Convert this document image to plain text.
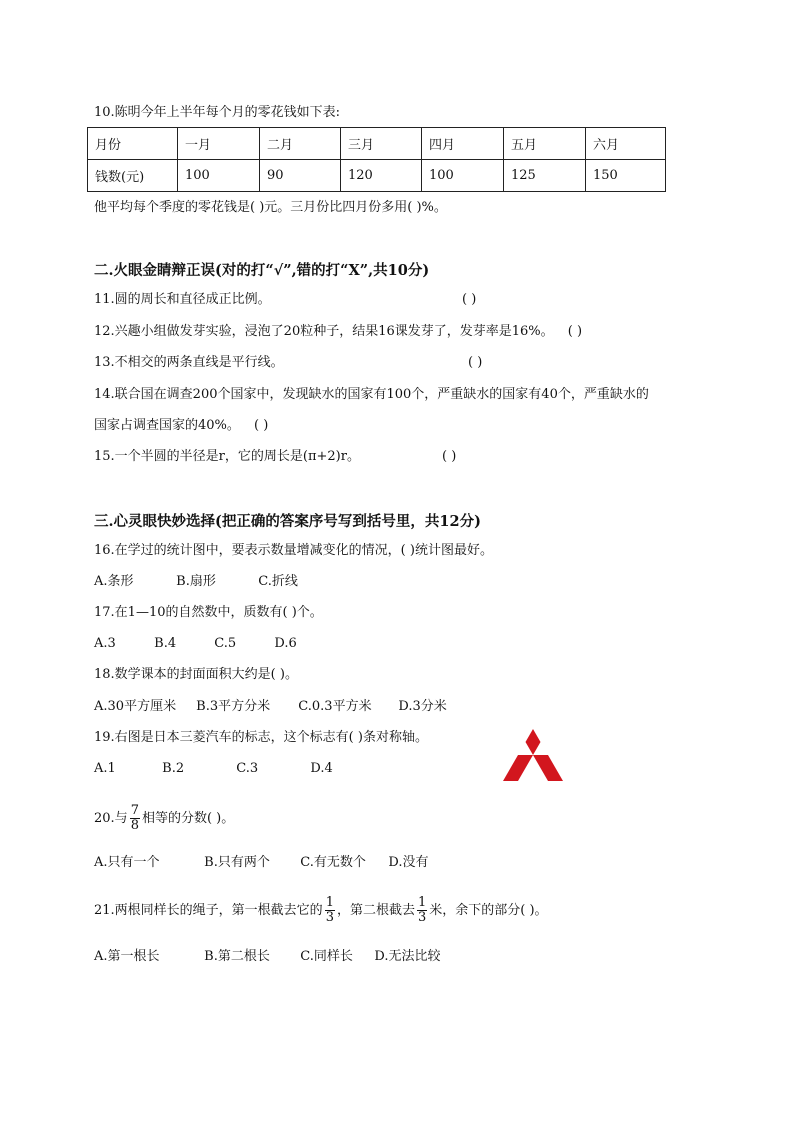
10.陈明今年上半年每个月的零花钱如下表:
月份	一月	二月	三月	四月	五月	六月
钱数(元)	100	90	120	100	125	150
他平均每个季度的零花钱是( )元。三月份比四月份多用( )%。
二.火眼金睛辩正误(对的打“√”,错的打“X”,共10分)
11.圆的周长和直径成正比例。	( )
12.兴趣小组做发芽实验，浸泡了20粒种子，结果16课发芽了，发芽率是16%。 ( )
13.不相交的两条直线是平行线。	( )
14.联合国在调查200个国家中，发现缺水的国家有100个，严重缺水的国家有40个，严重缺水的
国家占调查国家的40%。 ( )
15.一个半圆的半径是r，它的周长是(π+2)r。	( )
三.心灵眼快妙选择(把正确的答案序号写到括号里，共12分)
16.在学过的统计图中，要表示数量增减变化的情况，( )统计图最好。
A.条形	B.扇形	C.折线
17.在1—10的自然数中，质数有( )个。
A.3	B.4	C.5	D.6
18.数学课本的封面面积大约是( )。
A.30平方厘米 B.3平方分米 C.0.3平方米 D.3分米
19.右图是日本三菱汽车的标志，这个标志有( )条对称轴。
A.1	B.2	C.3	D.4
20.与 $\frac{7}{8}$ 相等的分数( )。
A.只有一个	B.只有两个 C.有无数个 D.没有
21.两根同样长的绳子，第一根截去它的 $\frac{1}{3}$ ，第二根截去 $\frac{1}{3}$ 米，余下的部分( )。
A.第一根长	B.第二根长 C.同样长 D.无法比较
